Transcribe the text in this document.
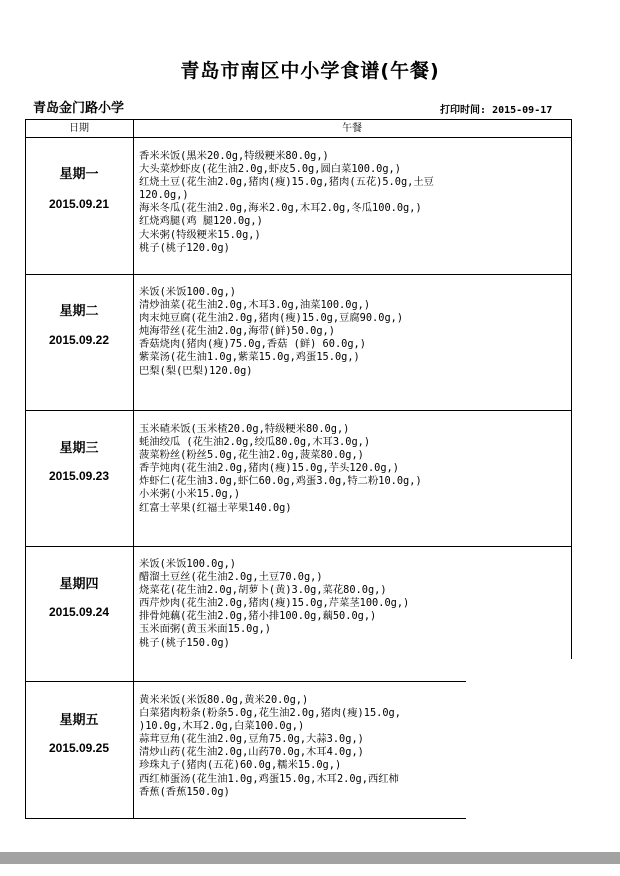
青岛市南区中小学食谱(午餐)
青岛金门路小学	打印时间: 2015-09-17
日期	午餐
星期一
2015.09.21
香米米饭(黑米20.0g,特级粳米80.0g,)
大头菜炒虾皮(花生油2.0g,虾皮5.0g,圆白菜100.0g,)
红烧土豆(花生油2.0g,猪肉(瘦)15.0g,猪肉(五花)5.0g,土豆
120.0g,)
海米冬瓜(花生油2.0g,海米2.0g,木耳2.0g,冬瓜100.0g,)
红烧鸡腿(鸡 腿120.0g,)
大米粥(特级粳米15.0g,)
桃子(桃子120.0g)
星期二
2015.09.22
米饭(米饭100.0g,)
清炒油菜(花生油2.0g,木耳3.0g,油菜100.0g,)
肉末炖豆腐(花生油2.0g,猪肉(瘦)15.0g,豆腐90.0g,)
炖海带丝(花生油2.0g,海带(鲜)50.0g,)
香菇烧肉(猪肉(瘦)75.0g,香菇 (鲜) 60.0g,)
紫菜汤(花生油1.0g,紫菜15.0g,鸡蛋15.0g,)
巴梨(梨(巴梨)120.0g)
星期三
2015.09.23
玉米碴米饭(玉米楂20.0g,特级粳米80.0g,)
蚝油绞瓜 (花生油2.0g,绞瓜80.0g,木耳3.0g,)
菠菜粉丝(粉丝5.0g,花生油2.0g,菠菜80.0g,)
香芋炖肉(花生油2.0g,猪肉(瘦)15.0g,芋头120.0g,)
炸虾仁(花生油3.0g,虾仁60.0g,鸡蛋3.0g,特二粉10.0g,)
小米粥(小米15.0g,)
红富士苹果(红福士苹果140.0g)
星期四
2015.09.24
米饭(米饭100.0g,)
醋溜土豆丝(花生油2.0g,土豆70.0g,)
烧菜花(花生油2.0g,胡萝卜(黄)3.0g,菜花80.0g,)
西芹炒肉(花生油2.0g,猪肉(瘦)15.0g,芹菜茎100.0g,)
排骨炖藕(花生油2.0g,猪小排100.0g,藕50.0g,)
玉米面粥(黄玉米面15.0g,)
桃子(桃子150.0g)
星期五
2015.09.25
黄米米饭(米饭80.0g,黄米20.0g,)
白菜猪肉粉条(粉条5.0g,花生油2.0g,猪肉(瘦)15.0g,
)10.0g,木耳2.0g,白菜100.0g,)
蒜茸豆角(花生油2.0g,豆角75.0g,大蒜3.0g,)
清炒山药(花生油2.0g,山药70.0g,木耳4.0g,)
珍珠丸子(猪肉(五花)60.0g,糯米15.0g,)
西红柿蛋汤(花生油1.0g,鸡蛋15.0g,木耳2.0g,西红柿
香蕉(香蕉150.0g)
